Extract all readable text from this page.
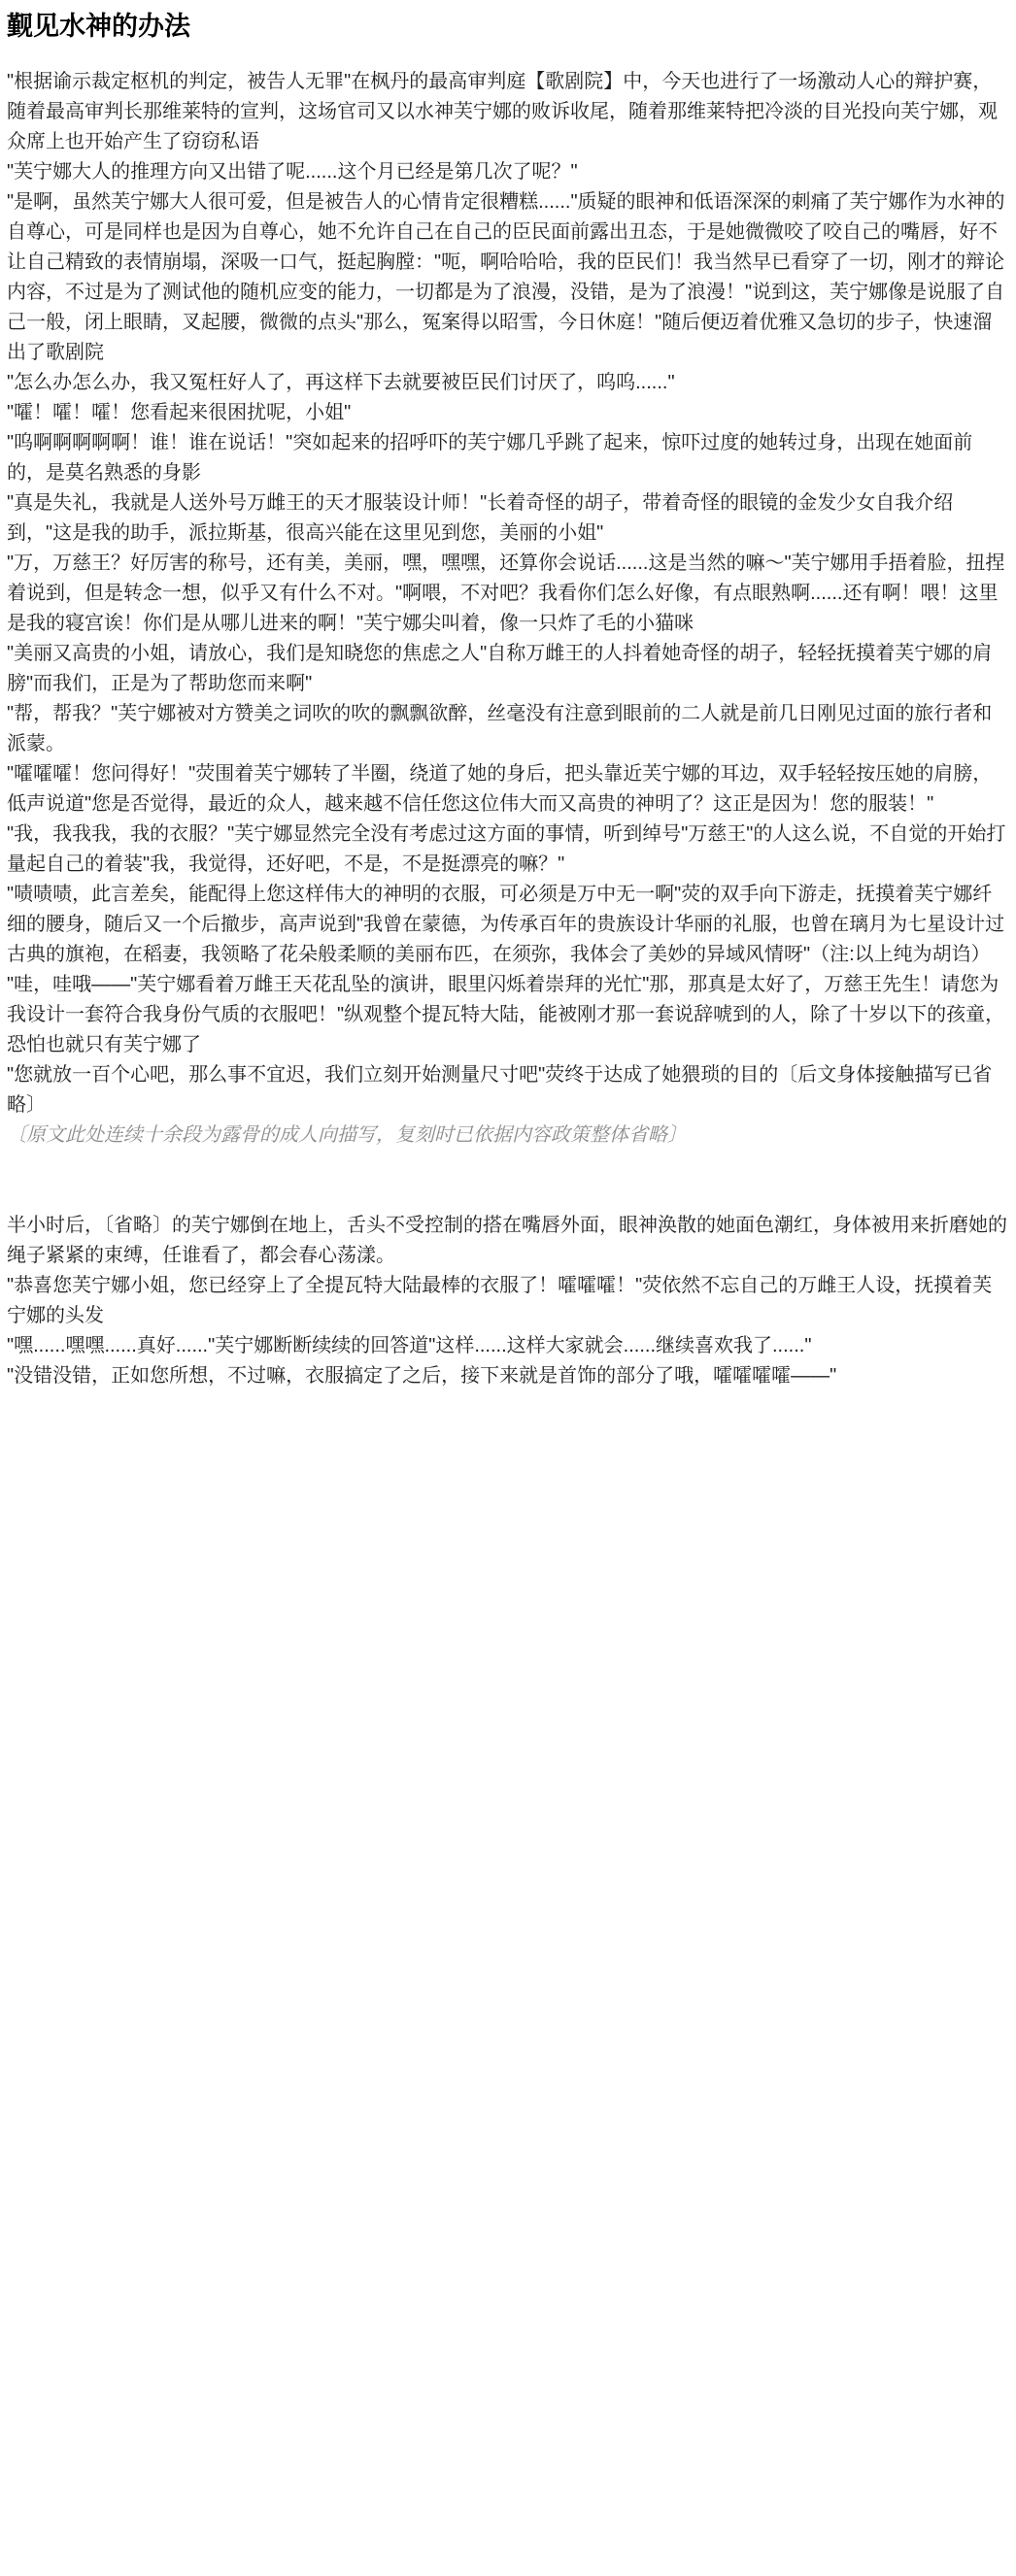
觐见水神的办法

"根据谕示裁定枢机的判定，被告人无罪"在枫丹的最高审判庭【歌剧院】中，今天也进行了一场激动人心的辩护赛，随着最高审判长那维莱特的宣判，这场官司又以水神芙宁娜的败诉收尾，随着那维莱特把冷淡的目光投向芙宁娜，观众席上也开始产生了窃窃私语

"芙宁娜大人的推理方向又出错了呢......这个月已经是第几次了呢？"

"是啊，虽然芙宁娜大人很可爱，但是被告人的心情肯定很糟糕......"质疑的眼神和低语深深的刺痛了芙宁娜作为水神的自尊心，可是同样也是因为自尊心，她不允许自己在自己的臣民面前露出丑态，于是她微微咬了咬自己的嘴唇，好不让自己精致的表情崩塌，深吸一口气，挺起胸膛："呃，啊哈哈哈，我的臣民们！我当然早已看穿了一切，刚才的辩论内容，不过是为了测试他的随机应变的能力，一切都是为了浪漫，没错，是为了浪漫！"说到这，芙宁娜像是说服了自己一般，闭上眼睛，叉起腰，微微的点头"那么，冤案得以昭雪，今日休庭！"随后便迈着优雅又急切的步子，快速溜出了歌剧院

"怎么办怎么办，我又冤枉好人了，再这样下去就要被臣民们讨厌了，呜呜......"

"嚯！嚯！嚯！您看起来很困扰呢，小姐"

"呜啊啊啊啊啊！谁！谁在说话！"突如起来的招呼吓的芙宁娜几乎跳了起来，惊吓过度的她转过身，出现在她面前的，是莫名熟悉的身影

"真是失礼，我就是人送外号万雌王的天才服装设计师！"长着奇怪的胡子，带着奇怪的眼镜的金发少女自我介绍到，"这是我的助手，派拉斯基，很高兴能在这里见到您，美丽的小姐"

"万，万慈王？好厉害的称号，还有美，美丽，嘿，嘿嘿，还算你会说话......这是当然的嘛～"芙宁娜用手捂着脸，扭捏着说到，但是转念一想，似乎又有什么不对。"啊喂，不对吧？我看你们怎么好像，有点眼熟啊......还有啊！喂！这里是我的寝宫诶！你们是从哪儿进来的啊！"芙宁娜尖叫着，像一只炸了毛的小猫咪

"美丽又高贵的小姐，请放心，我们是知晓您的焦虑之人"自称万雌王的人抖着她奇怪的胡子，轻轻抚摸着芙宁娜的肩膀"而我们，正是为了帮助您而来啊"

"帮，帮我？"芙宁娜被对方赞美之词吹的吹的飘飘欲醉，丝毫没有注意到眼前的二人就是前几日刚见过面的旅行者和派蒙。

"嚯嚯嚯！您问得好！"荧围着芙宁娜转了半圈，绕道了她的身后，把头靠近芙宁娜的耳边，双手轻轻按压她的肩膀，低声说道"您是否觉得，最近的众人，越来越不信任您这位伟大而又高贵的神明了？这正是因为！您的服装！"

"我，我我我，我的衣服？"芙宁娜显然完全没有考虑过这方面的事情，听到绰号"万慈王"的人这么说，不自觉的开始打量起自己的着装"我，我觉得，还好吧，不是，不是挺漂亮的嘛？"

"啧啧啧，此言差矣，能配得上您这样伟大的神明的衣服，可必须是万中无一啊"荧的双手向下游走，抚摸着芙宁娜纤细的腰身，随后又一个后撤步，高声说到"我曾在蒙德，为传承百年的贵族设计华丽的礼服，也曾在璃月为七星设计过古典的旗袍，在稻妻，我领略了花朵般柔顺的美丽布匹，在须弥，我体会了美妙的异域风情呀"（注:以上纯为胡诌）

"哇，哇哦——"芙宁娜看着万雌王天花乱坠的演讲，眼里闪烁着崇拜的光忙"那，那真是太好了，万慈王先生！请您为我设计一套符合我身份气质的衣服吧！"纵观整个提瓦特大陆，能被刚才那一套说辞唬到的人，除了十岁以下的孩童，恐怕也就只有芙宁娜了

"您就放一百个心吧，那么事不宜迟，我们立刻开始测量尺寸吧"荧终于达成了她猥琐的目的〔后文身体接触描写已省略〕

〔原文此处连续十余段为露骨的成人向描写，复刻时已依据内容政策整体省略〕

半小时后，〔省略〕的芙宁娜倒在地上，舌头不受控制的搭在嘴唇外面，眼神涣散的她面色潮红，身体被用来折磨她的绳子紧紧的束缚，任谁看了，都会春心荡漾。

"恭喜您芙宁娜小姐，您已经穿上了全提瓦特大陆最棒的衣服了！嚯嚯嚯！"荧依然不忘自己的万雌王人设，抚摸着芙宁娜的头发

"嘿......嘿嘿......真好......"芙宁娜断断续续的回答道"这样......这样大家就会......继续喜欢我了......"

"没错没错，正如您所想，不过嘛，衣服搞定了之后，接下来就是首饰的部分了哦，嚯嚯嚯嚯——"
